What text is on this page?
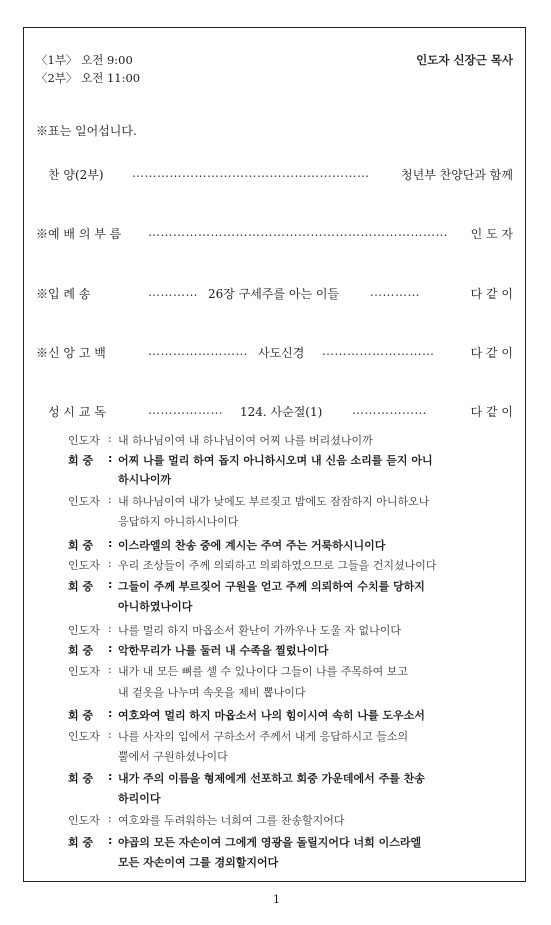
〈1부〉 오전 9:00
〈2부〉 오전 11:00
인도자 신장근 목사
※표는 일어섭니다.
찬 양(2부) …………………………………………………	청년부 찬양단과 함께
※예 배 의 부 름 ……………………………………………………………… 인 도 자
※입 례 송	………… 26장 구세주를 아는 이들	…………	다 같 이
※신 앙 고 백	…………………… 사도신경 ………………………	다 같 이
성 시 교 독	……………… 124. 사순절(1) ………………	다 같 이
인도자 : 내 하나님이여 내 하나님이여 어찌 나를 버리셨나이까
회 중 : 어찌 나를 멀리 하여 돕지 아니하시오며 내 신음 소리를 듣지 아니
하시나이까
인도자 : 내 하나님이여 내가 낮에도 부르짖고 밤에도 잠잠하지 아니하오나
응답하지 아니하시나이다
회 중 : 이스라엘의 찬송 중에 계시는 주여 주는 거룩하시니이다
인도자 : 우리 조상들이 주께 의뢰하고 의뢰하였으므로 그들을 건지셨나이다
회 중 : 그들이 주께 부르짖어 구원을 얻고 주께 의뢰하여 수치를 당하지
아니하였나이다
인도자 : 나를 멀리 하지 마옵소서 환난이 가까우나 도울 자 없나이다
회 중 : 악한무리가 나를 둘러 내 수족을 찔렀나이다
인도자 : 내가 내 모든 뼈를 셀 수 있나이다 그들이 나를 주목하여 보고
내 겉옷을 나누며 속옷을 제비 뽑나이다
회 중 : 여호와여 멀리 하지 마옵소서 나의 힘이시여 속히 나를 도우소서
인도자 : 나를 사자의 입에서 구하소서 주께서 내게 응답하시고 들소의
뿔에서 구원하셨나이다
회 중 : 내가 주의 이름을 형제에게 선포하고 회중 가운데에서 주를 찬송
하리이다
인도자 : 여호와를 두려워하는 너희여 그를 찬송할지어다
회 중 : 야곱의 모든 자손이여 그에게 영광을 돌릴지어다 너희 이스라엘
모든 자손이여 그를 경외할지어다
1
